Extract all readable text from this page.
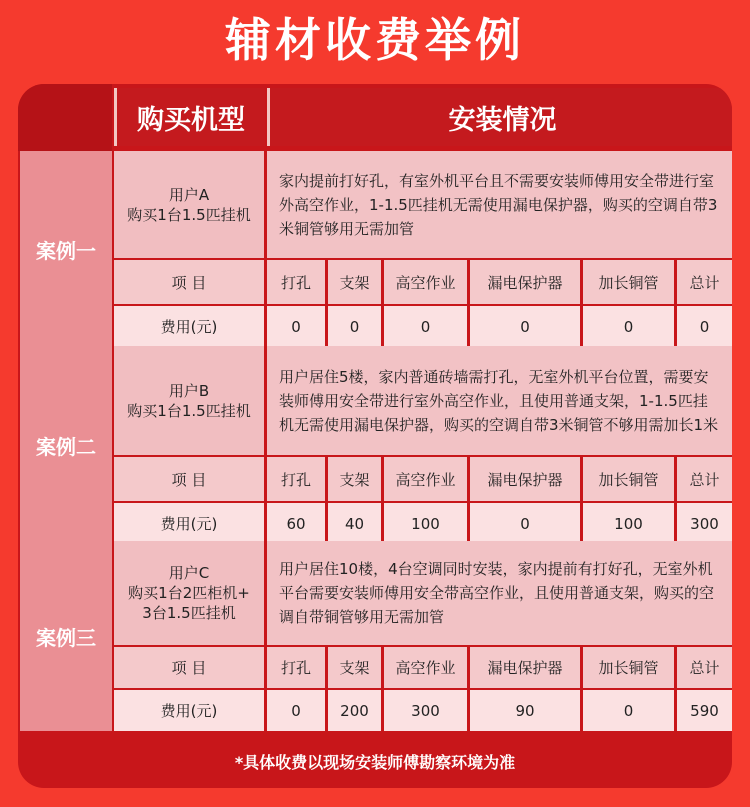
辅材收费举例
购买机型	安装情况
案例一
用户A
购买1台1.5匹挂机
家内提前打好孔，有室外机平台且不需要安装师傅用安全带进行室外高空作业，1-1.5匹挂机无需使用漏电保护器，购买的空调自带3米铜管够用无需加管
项 目
费用(元)
打孔
0
支架
0
高空作业
0
漏电保护器
0
加长铜管
0
总计
0
案例二
用户B
购买1台1.5匹挂机
用户居住5楼，家内普通砖墙需打孔，无室外机平台位置，需要安装师傅用安全带进行室外高空作业，且使用普通支架，1-1.5匹挂机无需使用漏电保护器，购买的空调自带3米铜管不够用需加长1米
项 目
费用(元)
打孔
60
支架
40
高空作业
100
漏电保护器
0
加长铜管
100
总计
300
案例三
用户C
购买1台2匹柜机+
3台1.5匹挂机
用户居住10楼，4台空调同时安装，家内提前有打好孔，无室外机平台需要安装师傅用安全带高空作业，且使用普通支架，购买的空调自带铜管够用无需加管
项 目
费用(元)
打孔
0
支架
200
高空作业
300
漏电保护器
90
加长铜管
0
总计
590
*具体收费以现场安装师傅勘察环境为准
